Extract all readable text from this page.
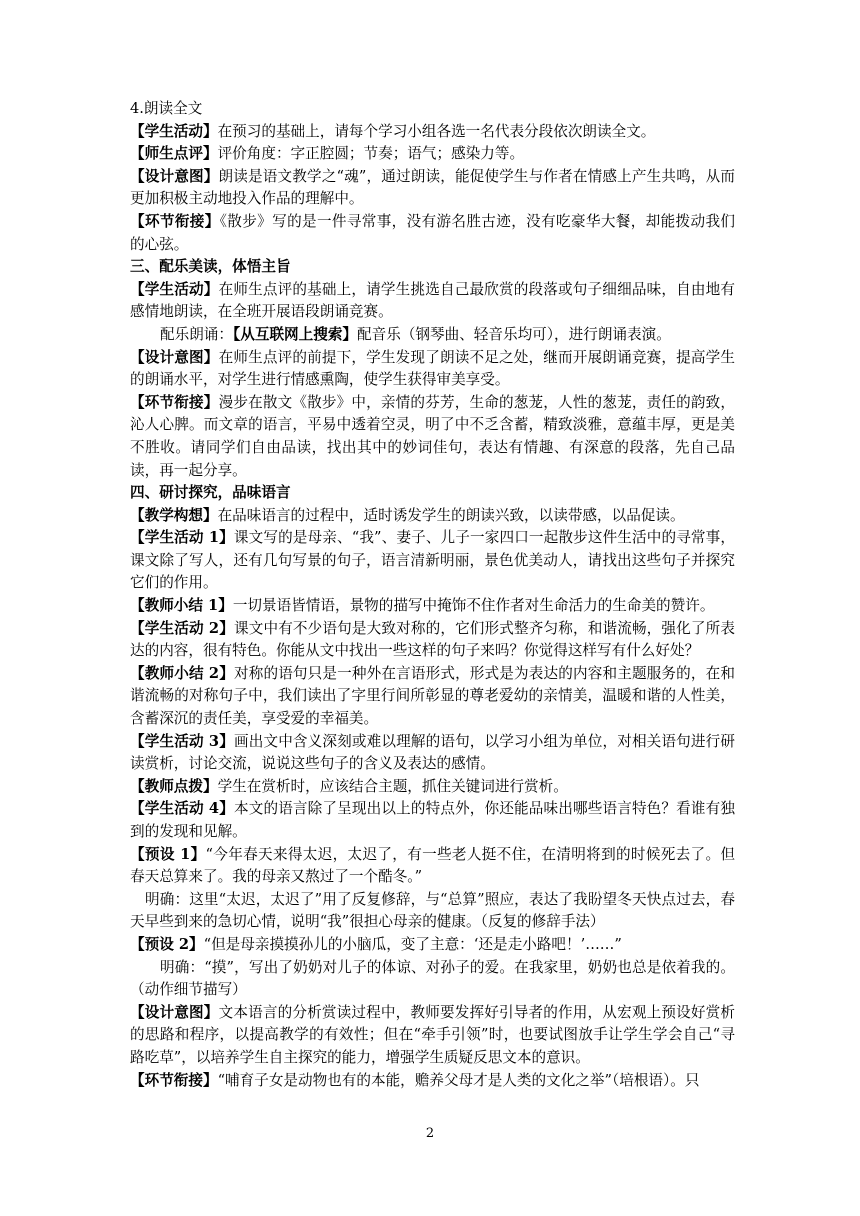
4.朗读全文

【学生活动】在预习的基础上，请每个学习小组各选一名代表分段依次朗读全文。

【师生点评】评价角度：字正腔圆；节奏；语气；感染力等。

【设计意图】朗读是语文教学之“魂”，通过朗读，能促使学生与作者在情感上产生共鸣，从而更加积极主动地投入作品的理解中。

【环节衔接】《散步》写的是一件寻常事，没有游名胜古迹，没有吃豪华大餐，却能拨动我们的心弦。

三、配乐美读，体悟主旨

【学生活动】在师生点评的基础上，请学生挑选自己最欣赏的段落或句子细细品味，自由地有感情地朗读，在全班开展语段朗诵竞赛。

配乐朗诵：【从互联网上搜索】配音乐（钢琴曲、轻音乐均可），进行朗诵表演。

【设计意图】在师生点评的前提下，学生发现了朗读不足之处，继而开展朗诵竞赛，提高学生的朗诵水平，对学生进行情感熏陶，使学生获得审美享受。

【环节衔接】漫步在散文《散步》中，亲情的芬芳，生命的葱茏，人性的葱茏，责任的韵致，沁人心脾。而文章的语言，平易中透着空灵，明了中不乏含蓄，精致淡雅，意蕴丰厚，更是美不胜收。请同学们自由品读，找出其中的妙词佳句，表达有情趣、有深意的段落，先自己品读，再一起分享。

四、研讨探究，品味语言

【教学构想】在品味语言的过程中，适时诱发学生的朗读兴致，以读带感，以品促读。

【学生活动 1】课文写的是母亲、“我”、妻子、儿子一家四口一起散步这件生活中的寻常事，课文除了写人，还有几句写景的句子，语言清新明丽，景色优美动人，请找出这些句子并探究它们的作用。

【教师小结 1】一切景语皆情语，景物的描写中掩饰不住作者对生命活力的生命美的赞许。

【学生活动 2】课文中有不少语句是大致对称的，它们形式整齐匀称，和谐流畅，强化了所表达的内容，很有特色。你能从文中找出一些这样的句子来吗？你觉得这样写有什么好处？

【教师小结 2】对称的语句只是一种外在言语形式，形式是为表达的内容和主题服务的，在和谐流畅的对称句子中，我们读出了字里行间所彰显的尊老爱幼的亲情美，温暖和谐的人性美，含蓄深沉的责任美，享受爱的幸福美。

【学生活动 3】画出文中含义深刻或难以理解的语句，以学习小组为单位，对相关语句进行研读赏析，讨论交流，说说这些句子的含义及表达的感情。

【教师点拨】学生在赏析时，应该结合主题，抓住关键词进行赏析。

【学生活动 4】本文的语言除了呈现出以上的特点外，你还能品味出哪些语言特色？看谁有独到的发现和见解。

【预设 1】“今年春天来得太迟，太迟了，有一些老人挺不住，在清明将到的时候死去了。但春天总算来了。我的母亲又熬过了一个酷冬。”

明确：这里“太迟，太迟了”用了反复修辞，与“总算”照应，表达了我盼望冬天快点过去，春天早些到来的急切心情，说明“我”很担心母亲的健康。（反复的修辞手法）

【预设 2】“但是母亲摸摸孙儿的小脑瓜，变了主意：‘还是走小路吧！’……”

明确：“摸”，写出了奶奶对儿子的体谅、对孙子的爱。在我家里，奶奶也总是依着我的。（动作细节描写）

【设计意图】文本语言的分析赏读过程中，教师要发挥好引导者的作用，从宏观上预设好赏析的思路和程序，以提高教学的有效性；但在“牵手引领”时，也要试图放手让学生学会自己“寻路吃草”，以培养学生自主探究的能力，增强学生质疑反思文本的意识。

【环节衔接】“哺育子女是动物也有的本能，赡养父母才是人类的文化之举”（培根语）。只

2
